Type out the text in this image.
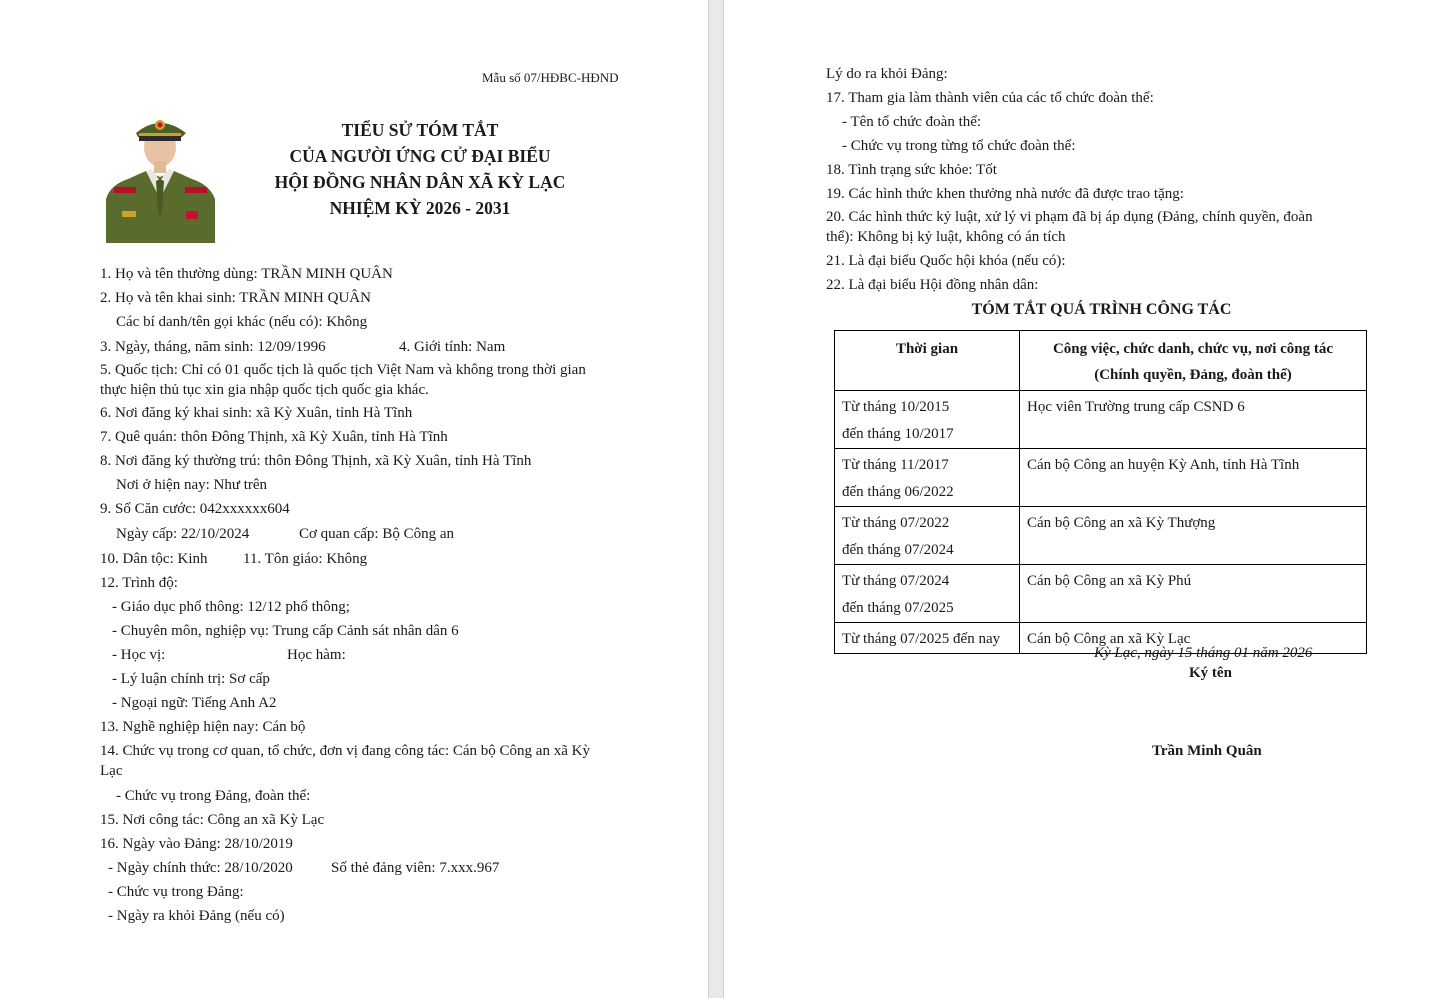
Mẫu số 07/HĐBC-HĐND
TIỂU SỬ TÓM TẮT
CỦA NGƯỜI ỨNG CỬ ĐẠI BIỂU
HỘI ĐỒNG NHÂN DÂN XÃ KỲ LẠC
NHIỆM KỲ 2026 - 2031
1. Họ và tên thường dùng: TRẦN MINH QUÂN
2. Họ và tên khai sinh: TRẦN MINH QUÂN
Các bí danh/tên gọi khác (nếu có): Không
3. Ngày, tháng, năm sinh: 12/09/1996	4. Giới tính: Nam
5. Quốc tịch: Chỉ có 01 quốc tịch là quốc tịch Việt Nam và không trong thời gian
thực hiện thủ tục xin gia nhập quốc tịch quốc gia khác.
6. Nơi đăng ký khai sinh: xã Kỳ Xuân, tỉnh Hà Tĩnh
7. Quê quán: thôn Đông Thịnh, xã Kỳ Xuân, tỉnh Hà Tĩnh
8. Nơi đăng ký thường trú: thôn Đông Thịnh, xã Kỳ Xuân, tỉnh Hà Tĩnh
Nơi ở hiện nay: Như trên
9. Số Căn cước: 042xxxxxx604
Ngày cấp: 22/10/2024	Cơ quan cấp: Bộ Công an
10. Dân tộc: Kinh 11. Tôn giáo: Không
12. Trình độ:
- Giáo dục phổ thông: 12/12 phổ thông;
- Chuyên môn, nghiệp vụ: Trung cấp Cảnh sát nhân dân 6
- Học vị:	Học hàm:
- Lý luận chính trị: Sơ cấp
- Ngoại ngữ: Tiếng Anh A2
13. Nghề nghiệp hiện nay: Cán bộ
14. Chức vụ trong cơ quan, tổ chức, đơn vị đang công tác: Cán bộ Công an xã Kỳ
Lạc
- Chức vụ trong Đảng, đoàn thể:
15. Nơi công tác: Công an xã Kỳ Lạc
16. Ngày vào Đảng: 28/10/2019
- Ngày chính thức: 28/10/2020	Số thẻ đảng viên: 7.xxx.967
- Chức vụ trong Đảng:
- Ngày ra khỏi Đảng (nếu có)
Lý do ra khỏi Đảng:
17. Tham gia làm thành viên của các tổ chức đoàn thể:
- Tên tổ chức đoàn thể:
- Chức vụ trong từng tổ chức đoàn thể:
18. Tình trạng sức khỏe: Tốt
19. Các hình thức khen thưởng nhà nước đã được trao tặng:
20. Các hình thức kỷ luật, xử lý vi phạm đã bị áp dụng (Đảng, chính quyền, đoàn
thể): Không bị kỷ luật, không có án tích
21. Là đại biểu Quốc hội khóa (nếu có):
22. Là đại biểu Hội đồng nhân dân:
TÓM TẮT QUÁ TRÌNH CÔNG TÁC
Thời gian	Công việc, chức danh, chức vụ, nơi công tác
(Chính quyền, Đảng, đoàn thể)
Từ tháng 10/2015
đến tháng 10/2017	Học viên Trường trung cấp CSND 6
Từ tháng 11/2017
đến tháng 06/2022	Cán bộ Công an huyện Kỳ Anh, tỉnh Hà Tĩnh
Từ tháng 07/2022
đến tháng 07/2024	Cán bộ Công an xã Kỳ Thượng
Từ tháng 07/2024
đến tháng 07/2025	Cán bộ Công an xã Kỳ Phú
Từ tháng 07/2025 đến nay	Cán bộ Công an xã Kỳ Lạc
Kỳ Lạc, ngày 15 tháng 01 năm 2026
Ký tên
Trần Minh Quân
